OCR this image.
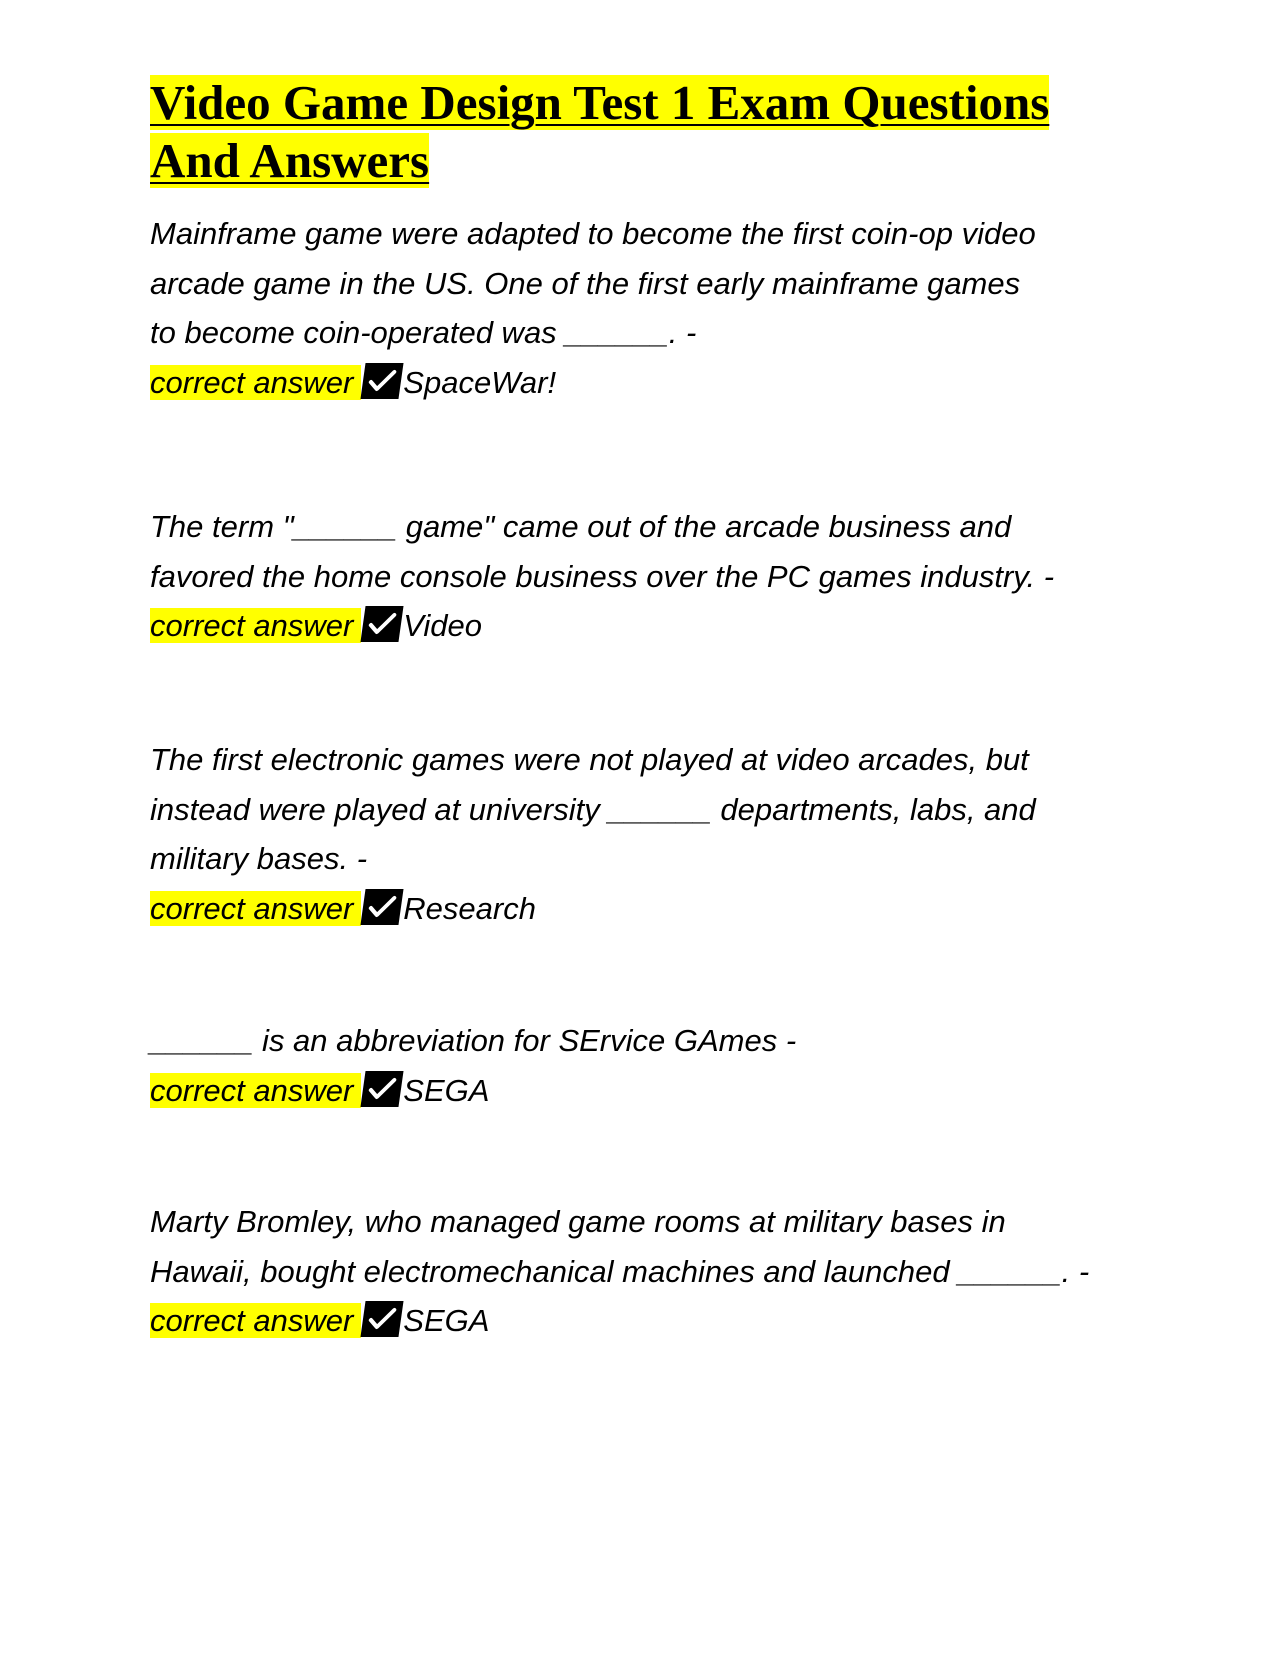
Video Game Design Test 1 Exam Questions
And Answers

Mainframe game were adapted to become the first coin-op video arcade game in the US. One of the first early mainframe games to become coin-operated was ______. -

correct answer SpaceWar!

The term "______ game" came out of the arcade business and favored the home console business over the PC games industry. -

correct answer Video

The first electronic games were not played at video arcades, but instead were played at university ______ departments, labs, and military bases. -

correct answer Research

______ is an abbreviation for SErvice GAmes -

correct answer SEGA

Marty Bromley, who managed game rooms at military bases in Hawaii, bought electromechanical machines and launched ______. -

correct answer SEGA
